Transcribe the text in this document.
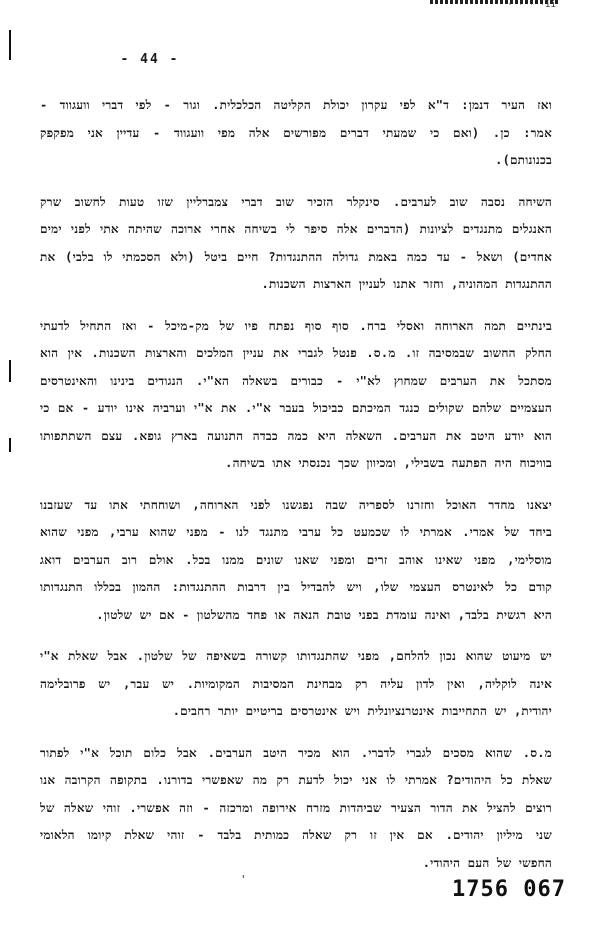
· · · ·ii
- 44 -
ואז העיר דנמן: ד"א לפי עקרון יכולת הקליטה הכלכלית. וגור - לפי דברי וועגווד -
אמר: כן. (ואם כי שמעתי דברים מפורשים אלה מפי וועגווד - עדיין אני מפקפק
בכנונותם).
השיחה נסבה שוב לערבים. סינקלר הזכיר שוב דברי צמברליין שזו טעות לחשוב שרק
האנגלים מתנגדים לציונות (הדברים אלה סיפר לי בשיחה אחרי ארוכה שהיתה אתי לפני ימים
אחדים) ושאל - עד כמה באמת גדולה ההתנגדות? חיים ביטל (ולא הסכמתי לו בלבי) את
ההתנגדות המהוניה, וחזר אתנו לעניין הארצות השכנות.
בינתיים תמה הארוחה ואסלי ברח. סוף סוף נפתח פיו של מק-מיכל - ואז התחיל לדעתי
החלק החשוב שבמסיבה זו. מ.ס. פנטל לגברי את עניין המלכים והארצות השכנות. אין הוא
מסתכל את הערבים שמחוץ לא"י - כבורים בשאלה הא"י. הנגודים בינינו והאינטרסים
העצמיים שלהם שקולים כנגד המיכתם כביכול בעבר א"י. את א"י וערביה אינו יודע - אם כי
הוא יודע היטב את הערבים. השאלה היא כמה כבדה התנועה בארץ גופא. עצם השתתפותו
בוויכוח היה הפתעה בשבילי, ומכיוון שכך נכנסתי אתו בשיחה.
יצאנו מחדר האוכל וחזרנו לספריה שבה נפגשנו לפני הארוחה, ושוחחתי אתו עד שעזבנו
ביחד של אמרי. אמרתי לו שכמעט כל ערבי מתנגד לנו - מפני שהוא ערבי, מפני שהוא
מוסלימי, מפני שאינו אוהב זרים ומפני שאנו שונים ממנו בכל. אולם רוב הערבים דואג
קודם כל לאינטרס העצמי שלו, ויש להבדיל בין דרבות ההתנגדות: ההמון בכללו התנגדותו
היא רגשית בלבד, ואינה עומדת בפני טובת הנאה או פחד מהשלטון - אם יש שלטון.
יש מיעוט שהוא נכון להלחם, מפני שהתנגדותו קשורה בשאיפה של שלטון. אבל שאלת א"י
אינה לוקליה, ואין לדון עליה רק מבחינת המסיבות המקומיות. יש עבר, יש פרובלימה
יהודית, יש התחייבות אינטרנציונלית ויש אינטרסים בריטיים יותר רחבים.
מ.ס. שהוא מסכים לגברי לדברי. הוא מכיר היטב הערבים. אבל כלום תוכל א"י לפתור
שאלת כל היהודים? אמרתי לו אני יכול לדעת רק מה שאפשרי בדורנו. בתקופה הקרובה אנו
רוצים להציל את הדור הצעיר שביהדות מזרח אירופה ומרכזה - וזה אפשרי. זוהי שאלה של
שני מיליון יהודים. אם אין זו רק שאלה כמותית בלבד - זוהי שאלת קיומו הלאומי
החפשי של העם היהודי.
'	1756 067
